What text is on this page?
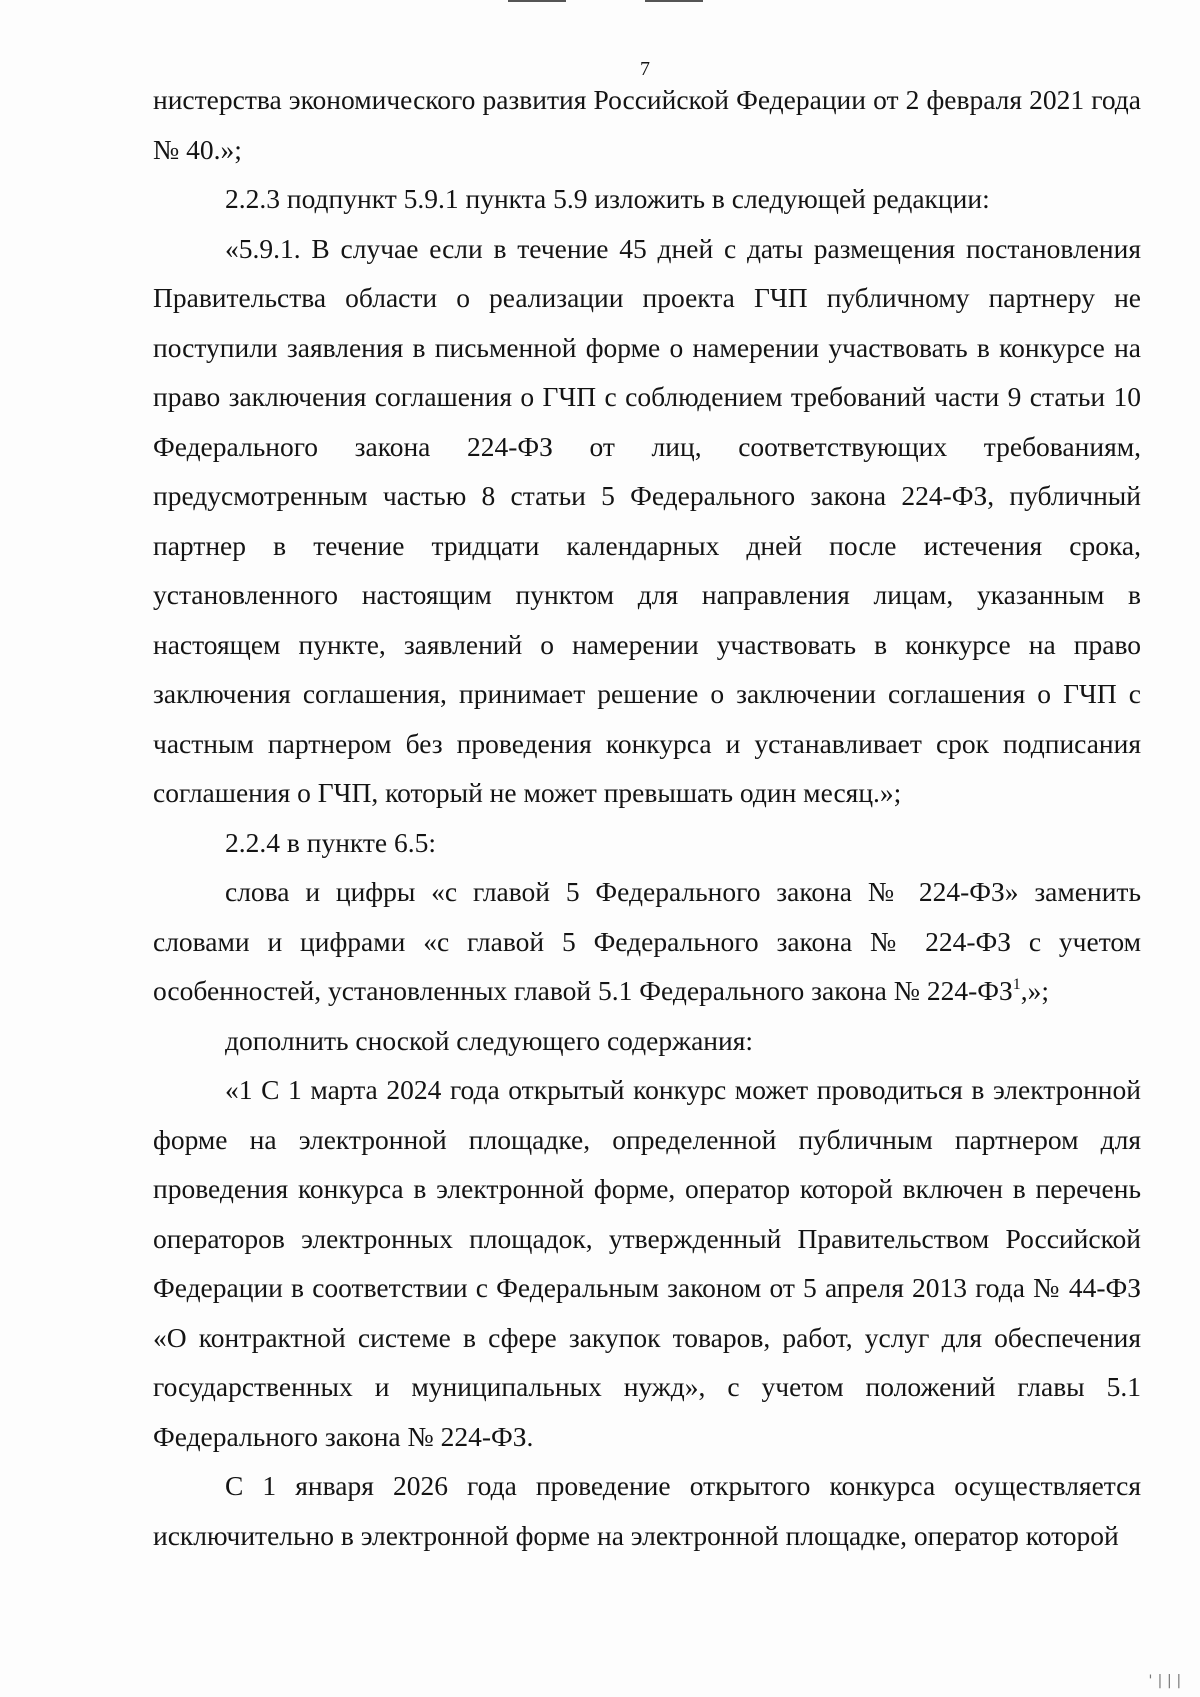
7

нистерства экономического развития Российской Федерации от 2 февраля 2021 года № 40.»;

2.2.3 подпункт 5.9.1 пункта 5.9 изложить в следующей редакции:

«5.9.1. В случае если в течение 45 дней с даты размещения постановления Правительства области о реализации проекта ГЧП публичному партнеру не поступили заявления в письменной форме о намерении участвовать в конкурсе на право заключения соглашения о ГЧП с соблюдением требований части 9 статьи 10 Федерального закона 224-ФЗ от лиц, соответствующих требованиям, предусмотренным частью 8 статьи 5 Федерального закона 224-ФЗ, публичный партнер в течение тридцати календарных дней после истечения срока, установленного настоящим пунктом для направления лицам, указанным в настоящем пункте, заявлений о намерении участвовать в конкурсе на право заключения соглашения, принимает решение о заключении соглашения о ГЧП с частным партнером без проведения конкурса и устанавливает срок подписания соглашения о ГЧП, который не может превышать один месяц.»;

2.2.4 в пункте 6.5:

слова и цифры «с главой 5 Федерального закона № 224-ФЗ» заменить словами и цифрами «с главой 5 Федерального закона № 224-ФЗ с учетом особенностей, установленных главой 5.1 Федерального закона № $224-ФЗ^1$,»;

дополнить сноской следующего содержания:

«1 С 1 марта 2024 года открытый конкурс может проводиться в электронной форме на электронной площадке, определенной публичным партнером для проведения конкурса в электронной форме, оператор которой включен в перечень операторов электронных площадок, утвержденный Правительством Российской Федерации в соответствии с Федеральным законом от 5 апреля 2013 года № 44-ФЗ «О контрактной системе в сфере закупок товаров, работ, услуг для обеспечения государственных и муниципальных нужд», с учетом положений главы 5.1 Федерального закона № 224-ФЗ.

С 1 января 2026 года проведение открытого конкурса осуществляется исключительно в электронной форме на электронной площадке, оператор которой

'|||
